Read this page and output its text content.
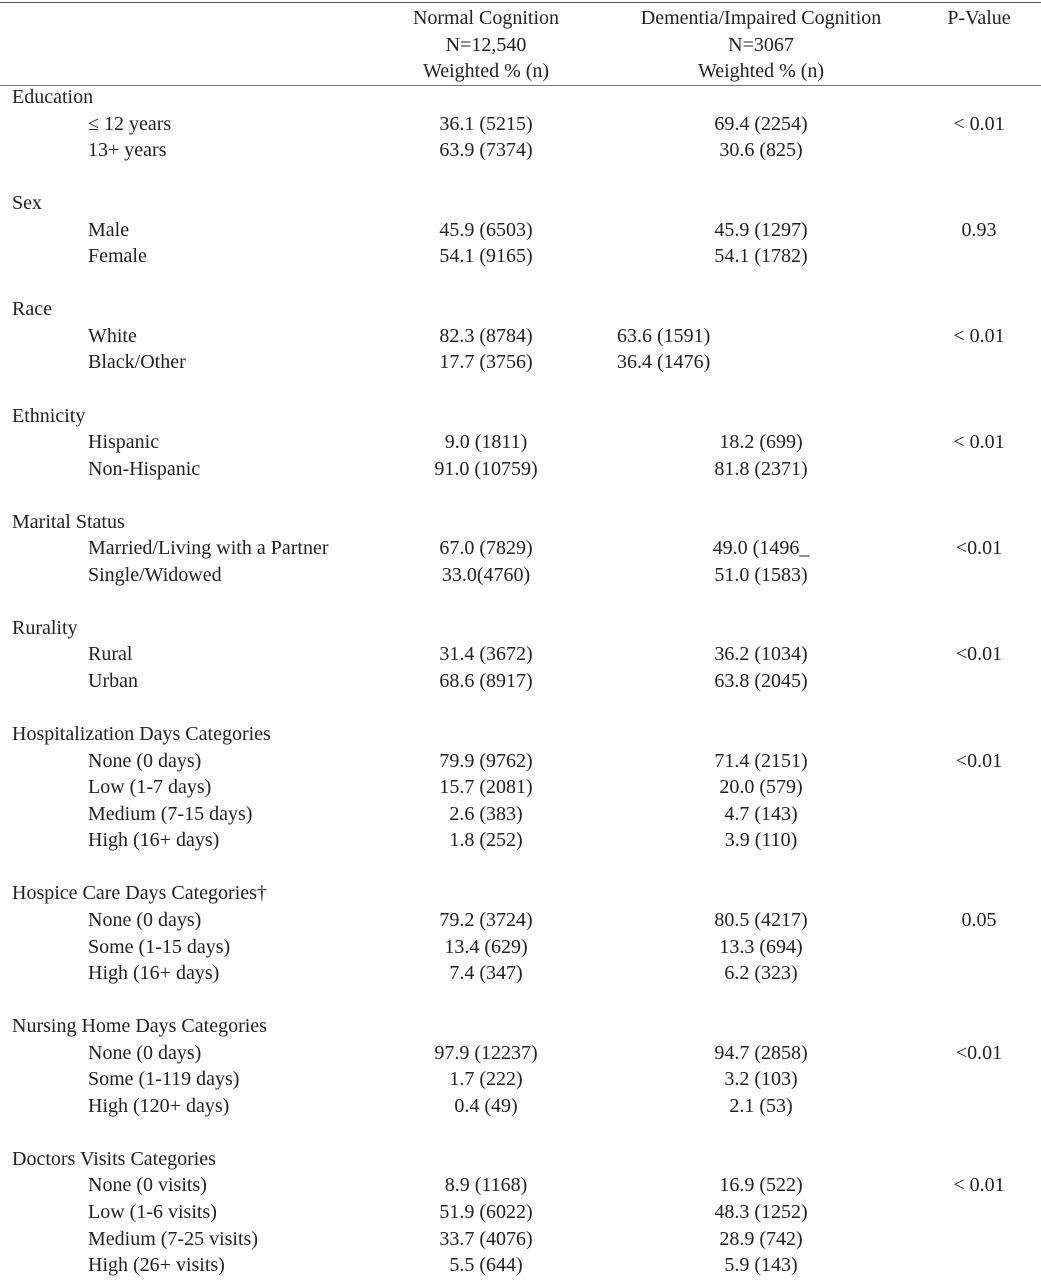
Normal Cognition
N=12,540
Weighted % (n)
Dementia/Impaired Cognition
N=3067
Weighted % (n)
P-Value
Education
≤ 12 years	36.1 (5215)	69.4 (2254)	< 0.01
13+ years	63.9 (7374)	30.6 (825)
Sex
Male	45.9 (6503)	45.9 (1297)	0.93
Female	54.1 (9165)	54.1 (1782)
Race
White	82.3 (8784)	63.6 (1591)	< 0.01
Black/Other	17.7 (3756)	36.4 (1476)
Ethnicity
Hispanic	9.0 (1811)	18.2 (699)	< 0.01
Non-Hispanic	91.0 (10759)	81.8 (2371)
Marital Status
Married/Living with a Partner	67.0 (7829)	49.0 (1496_	<0.01
Single/Widowed	33.0(4760)	51.0 (1583)
Rurality
Rural	31.4 (3672)	36.2 (1034)	<0.01
Urban	68.6 (8917)	63.8 (2045)
Hospitalization Days Categories
None (0 days)	79.9 (9762)	71.4 (2151)	<0.01
Low (1-7 days)	15.7 (2081)	20.0 (579)
Medium (7-15 days)	2.6 (383)	4.7 (143)
High (16+ days)	1.8 (252)	3.9 (110)
Hospice Care Days Categories†
None (0 days)	79.2 (3724)	80.5 (4217)	0.05
Some (1-15 days)	13.4 (629)	13.3 (694)
High (16+ days)	7.4 (347)	6.2 (323)
Nursing Home Days Categories
None (0 days)	97.9 (12237)	94.7 (2858)	<0.01
Some (1-119 days)	1.7 (222)	3.2 (103)
High (120+ days)	0.4 (49)	2.1 (53)
Doctors Visits Categories
None (0 visits)	8.9 (1168)	16.9 (522)	< 0.01
Low (1-6 visits)	51.9 (6022)	48.3 (1252)
Medium (7-25 visits)	33.7 (4076)	28.9 (742)
High (26+ visits)	5.5 (644)	5.9 (143)
